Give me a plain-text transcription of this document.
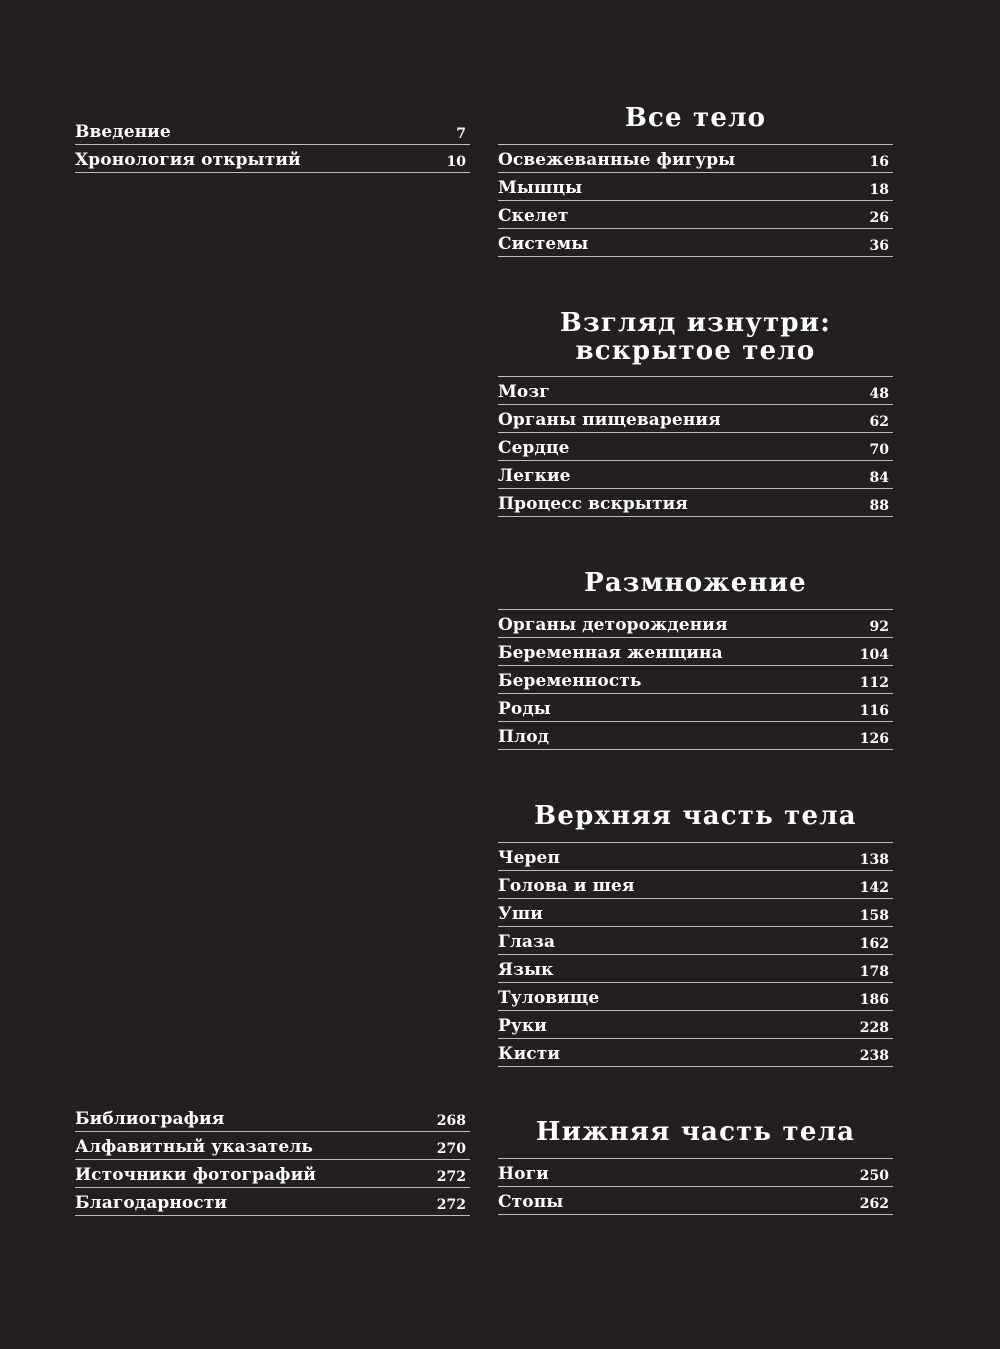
Введение	7
Хронология открытий	10
Библиография	268
Алфавитный указатель	270
Источники фотографий	272
Благодарности	272
Все тело
Освежеванные фигуры	16
Мышцы	18
Скелет	26
Системы	36
Взгляд изнутри:
вскрытое тело
Мозг	48
Органы пищеварения	62
Сердце	70
Легкие	84
Процесс вскрытия	88
Размножение
Органы деторождения	92
Беременная женщина	104
Беременность	112
Роды	116
Плод	126
Верхняя часть тела
Череп	138
Голова и шея	142
Уши	158
Глаза	162
Язык	178
Туловище	186
Руки	228
Кисти	238
Нижняя часть тела
Ноги	250
Стопы	262
